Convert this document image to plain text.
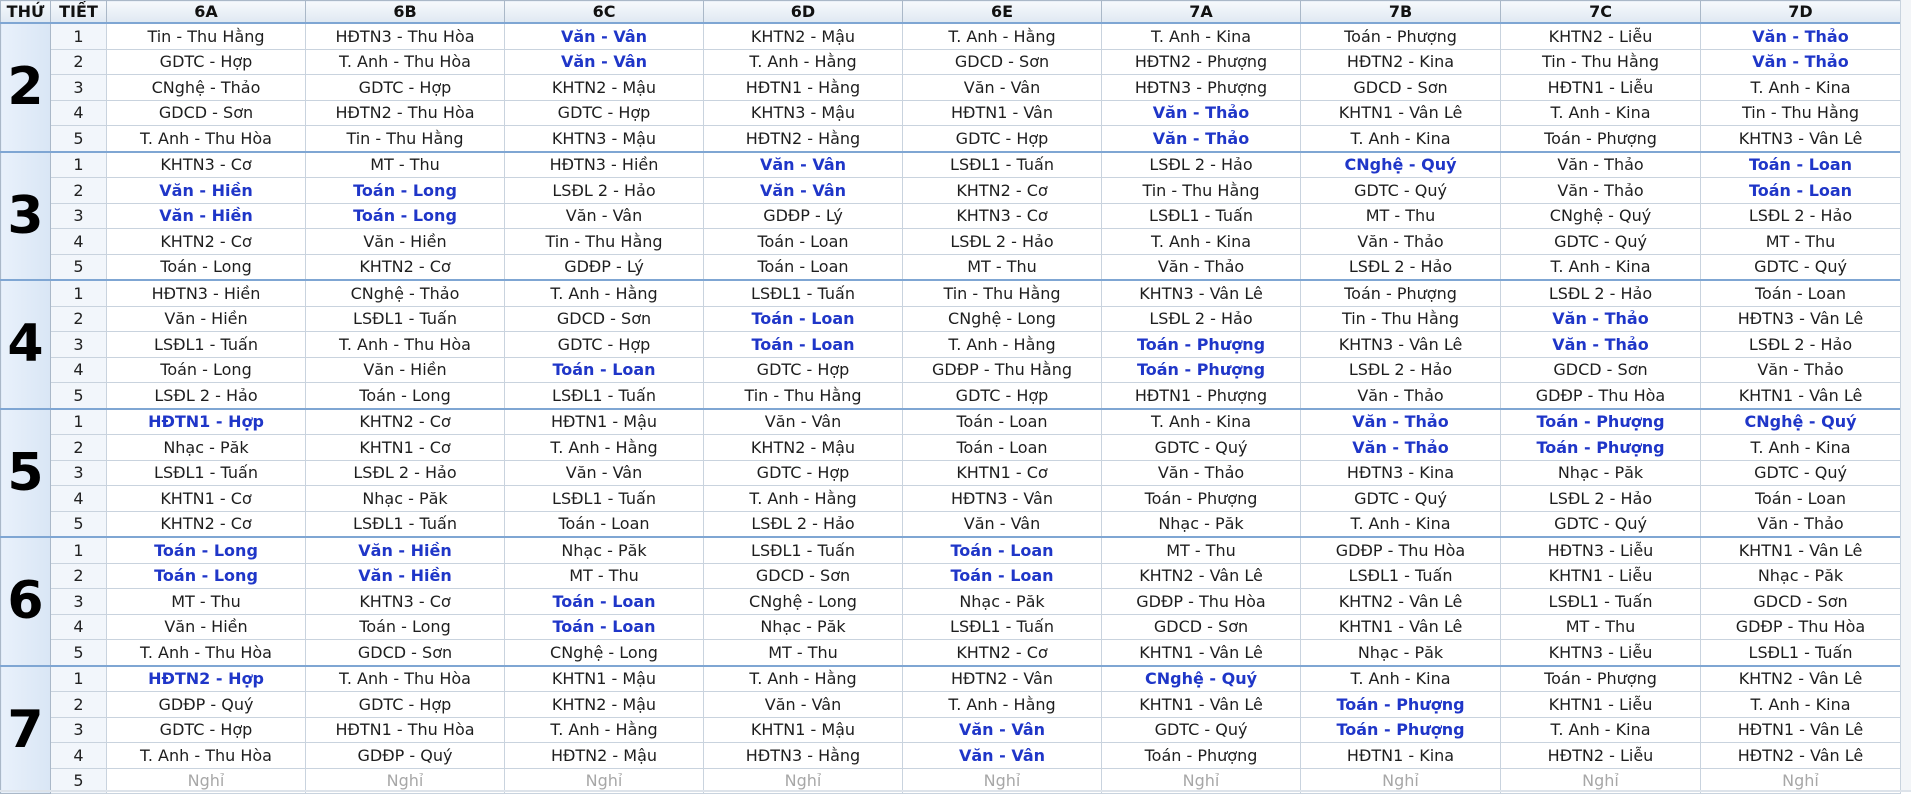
THỨ	TIẾT	6A	6B	6C	6D	6E	7A	7B	7C	7D
2	1	Tin - Thu Hằng	HĐTN3 - Thu Hòa	Văn - Vân	KHTN2 - Mậu	T. Anh - Hằng	T. Anh - Kina	Toán - Phượng	KHTN2 - Liễu	Văn - Thảo
	2	GDTC - Hợp	T. Anh - Thu Hòa	Văn - Vân	T. Anh - Hằng	GDCD - Sơn	HĐTN2 - Phượng	HĐTN2 - Kina	Tin - Thu Hằng	Văn - Thảo
	3	CNghệ - Thảo	GDTC - Hợp	KHTN2 - Mậu	HĐTN1 - Hằng	Văn - Vân	HĐTN3 - Phượng	GDCD - Sơn	HĐTN1 - Liễu	T. Anh - Kina
	4	GDCD - Sơn	HĐTN2 - Thu Hòa	GDTC - Hợp	KHTN3 - Mậu	HĐTN1 - Vân	Văn - Thảo	KHTN1 - Vân Lê	T. Anh - Kina	Tin - Thu Hằng
	5	T. Anh - Thu Hòa	Tin - Thu Hằng	KHTN3 - Mậu	HĐTN2 - Hằng	GDTC - Hợp	Văn - Thảo	T. Anh - Kina	Toán - Phượng	KHTN3 - Vân Lê
3	1	KHTN3 - Cơ	MT - Thu	HĐTN3 - Hiền	Văn - Vân	LSĐL1 - Tuấn	LSĐL 2 - Hảo	CNghệ - Quý	Văn - Thảo	Toán - Loan
	2	Văn - Hiền	Toán - Long	LSĐL 2 - Hảo	Văn - Vân	KHTN2 - Cơ	Tin - Thu Hằng	GDTC - Quý	Văn - Thảo	Toán - Loan
	3	Văn - Hiền	Toán - Long	Văn - Vân	GDĐP - Lý	KHTN3 - Cơ	LSĐL1 - Tuấn	MT - Thu	CNghệ - Quý	LSĐL 2 - Hảo
	4	KHTN2 - Cơ	Văn - Hiền	Tin - Thu Hằng	Toán - Loan	LSĐL 2 - Hảo	T. Anh - Kina	Văn - Thảo	GDTC - Quý	MT - Thu
	5	Toán - Long	KHTN2 - Cơ	GDĐP - Lý	Toán - Loan	MT - Thu	Văn - Thảo	LSĐL 2 - Hảo	T. Anh - Kina	GDTC - Quý
4	1	HĐTN3 - Hiền	CNghệ - Thảo	T. Anh - Hằng	LSĐL1 - Tuấn	Tin - Thu Hằng	KHTN3 - Vân Lê	Toán - Phượng	LSĐL 2 - Hảo	Toán - Loan
	2	Văn - Hiền	LSĐL1 - Tuấn	GDCD - Sơn	Toán - Loan	CNghệ - Long	LSĐL 2 - Hảo	Tin - Thu Hằng	Văn - Thảo	HĐTN3 - Vân Lê
	3	LSĐL1 - Tuấn	T. Anh - Thu Hòa	GDTC - Hợp	Toán - Loan	T. Anh - Hằng	Toán - Phượng	KHTN3 - Vân Lê	Văn - Thảo	LSĐL 2 - Hảo
	4	Toán - Long	Văn - Hiền	Toán - Loan	GDTC - Hợp	GDĐP - Thu Hằng	Toán - Phượng	LSĐL 2 - Hảo	GDCD - Sơn	Văn - Thảo
	5	LSĐL 2 - Hảo	Toán - Long	LSĐL1 - Tuấn	Tin - Thu Hằng	GDTC - Hợp	HĐTN1 - Phượng	Văn - Thảo	GDĐP - Thu Hòa	KHTN1 - Vân Lê
5	1	HĐTN1 - Hợp	KHTN2 - Cơ	HĐTN1 - Mậu	Văn - Vân	Toán - Loan	T. Anh - Kina	Văn - Thảo	Toán - Phượng	CNghệ - Quý
	2	Nhạc - Păk	KHTN1 - Cơ	T. Anh - Hằng	KHTN2 - Mậu	Toán - Loan	GDTC - Quý	Văn - Thảo	Toán - Phượng	T. Anh - Kina
	3	LSĐL1 - Tuấn	LSĐL 2 - Hảo	Văn - Vân	GDTC - Hợp	KHTN1 - Cơ	Văn - Thảo	HĐTN3 - Kina	Nhạc - Păk	GDTC - Quý
	4	KHTN1 - Cơ	Nhạc - Păk	LSĐL1 - Tuấn	T. Anh - Hằng	HĐTN3 - Vân	Toán - Phượng	GDTC - Quý	LSĐL 2 - Hảo	Toán - Loan
	5	KHTN2 - Cơ	LSĐL1 - Tuấn	Toán - Loan	LSĐL 2 - Hảo	Văn - Vân	Nhạc - Păk	T. Anh - Kina	GDTC - Quý	Văn - Thảo
6	1	Toán - Long	Văn - Hiền	Nhạc - Păk	LSĐL1 - Tuấn	Toán - Loan	MT - Thu	GDĐP - Thu Hòa	HĐTN3 - Liễu	KHTN1 - Vân Lê
	2	Toán - Long	Văn - Hiền	MT - Thu	GDCD - Sơn	Toán - Loan	KHTN2 - Vân Lê	LSĐL1 - Tuấn	KHTN1 - Liễu	Nhạc - Păk
	3	MT - Thu	KHTN3 - Cơ	Toán - Loan	CNghệ - Long	Nhạc - Păk	GDĐP - Thu Hòa	KHTN2 - Vân Lê	LSĐL1 - Tuấn	GDCD - Sơn
	4	Văn - Hiền	Toán - Long	Toán - Loan	Nhạc - Păk	LSĐL1 - Tuấn	GDCD - Sơn	KHTN1 - Vân Lê	MT - Thu	GDĐP - Thu Hòa
	5	T. Anh - Thu Hòa	GDCD - Sơn	CNghệ - Long	MT - Thu	KHTN2 - Cơ	KHTN1 - Vân Lê	Nhạc - Păk	KHTN3 - Liễu	LSĐL1 - Tuấn
7	1	HĐTN2 - Hợp	T. Anh - Thu Hòa	KHTN1 - Mậu	T. Anh - Hằng	HĐTN2 - Vân	CNghệ - Quý	T. Anh - Kina	Toán - Phượng	KHTN2 - Vân Lê
	2	GDĐP - Quý	GDTC - Hợp	KHTN2 - Mậu	Văn - Vân	T. Anh - Hằng	KHTN1 - Vân Lê	Toán - Phượng	KHTN1 - Liễu	T. Anh - Kina
	3	GDTC - Hợp	HĐTN1 - Thu Hòa	T. Anh - Hằng	KHTN1 - Mậu	Văn - Vân	GDTC - Quý	Toán - Phượng	T. Anh - Kina	HĐTN1 - Vân Lê
	4	T. Anh - Thu Hòa	GDĐP - Quý	HĐTN2 - Mậu	HĐTN3 - Hằng	Văn - Vân	Toán - Phượng	HĐTN1 - Kina	HĐTN2 - Liễu	HĐTN2 - Vân Lê
	5	Nghỉ	Nghỉ	Nghỉ	Nghỉ	Nghỉ	Nghỉ	Nghỉ	Nghỉ	Nghỉ
